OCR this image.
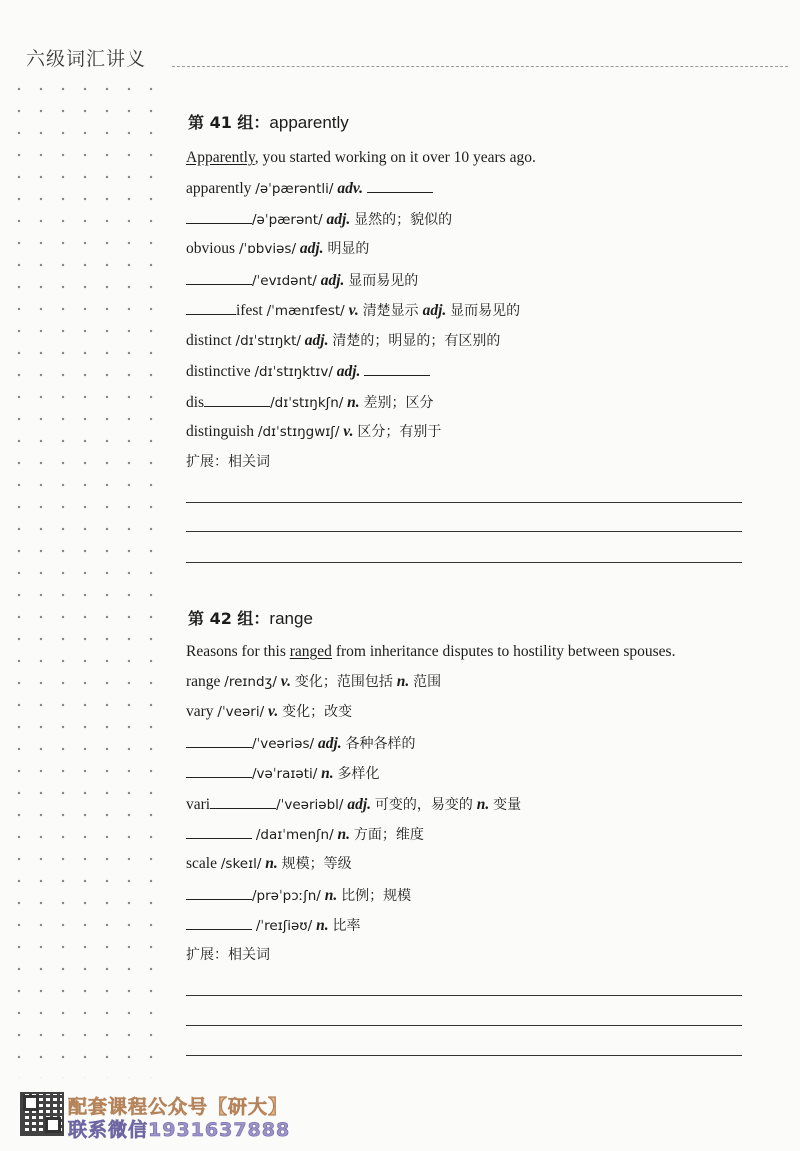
六级词汇讲义
第 41 组：apparently
Apparently, you started working on it over 10 years ago.
apparently /əˈpærəntli/ adv.
/əˈpærənt/ adj. 显然的；貌似的
obvious /ˈɒbviəs/ adj. 明显的
/ˈevɪdənt/ adj. 显而易见的
ifest /ˈmænɪfest/ v. 清楚显示 adj. 显而易见的
distinct /dɪˈstɪŋkt/ adj. 清楚的；明显的；有区别的
distinctive /dɪˈstɪŋktɪv/ adj.
dis	/dɪˈstɪŋkʃn/ n. 差别；区分
distinguish /dɪˈstɪŋgwɪʃ/ v. 区分；有别于
扩展：相关词
第 42 组：range
Reasons for this ranged from inheritance disputes to hostility between spouses.
range /reɪndʒ/ v. 变化；范围包括 n. 范围
vary /ˈveəri/ v. 变化；改变
/ˈveəriəs/ adj. 各种各样的
/vəˈraɪəti/ n. 多样化
vari	/ˈveəriəbl/ adj. 可变的，易变的 n. 变量
/daɪˈmenʃn/ n. 方面；维度
scale /skeɪl/ n. 规模；等级
/prəˈpɔːʃn/ n. 比例；规模
/ˈreɪʃiəʊ/ n. 比率
扩展：相关词
配套课程公众号【研大】
联系微信1931637888
